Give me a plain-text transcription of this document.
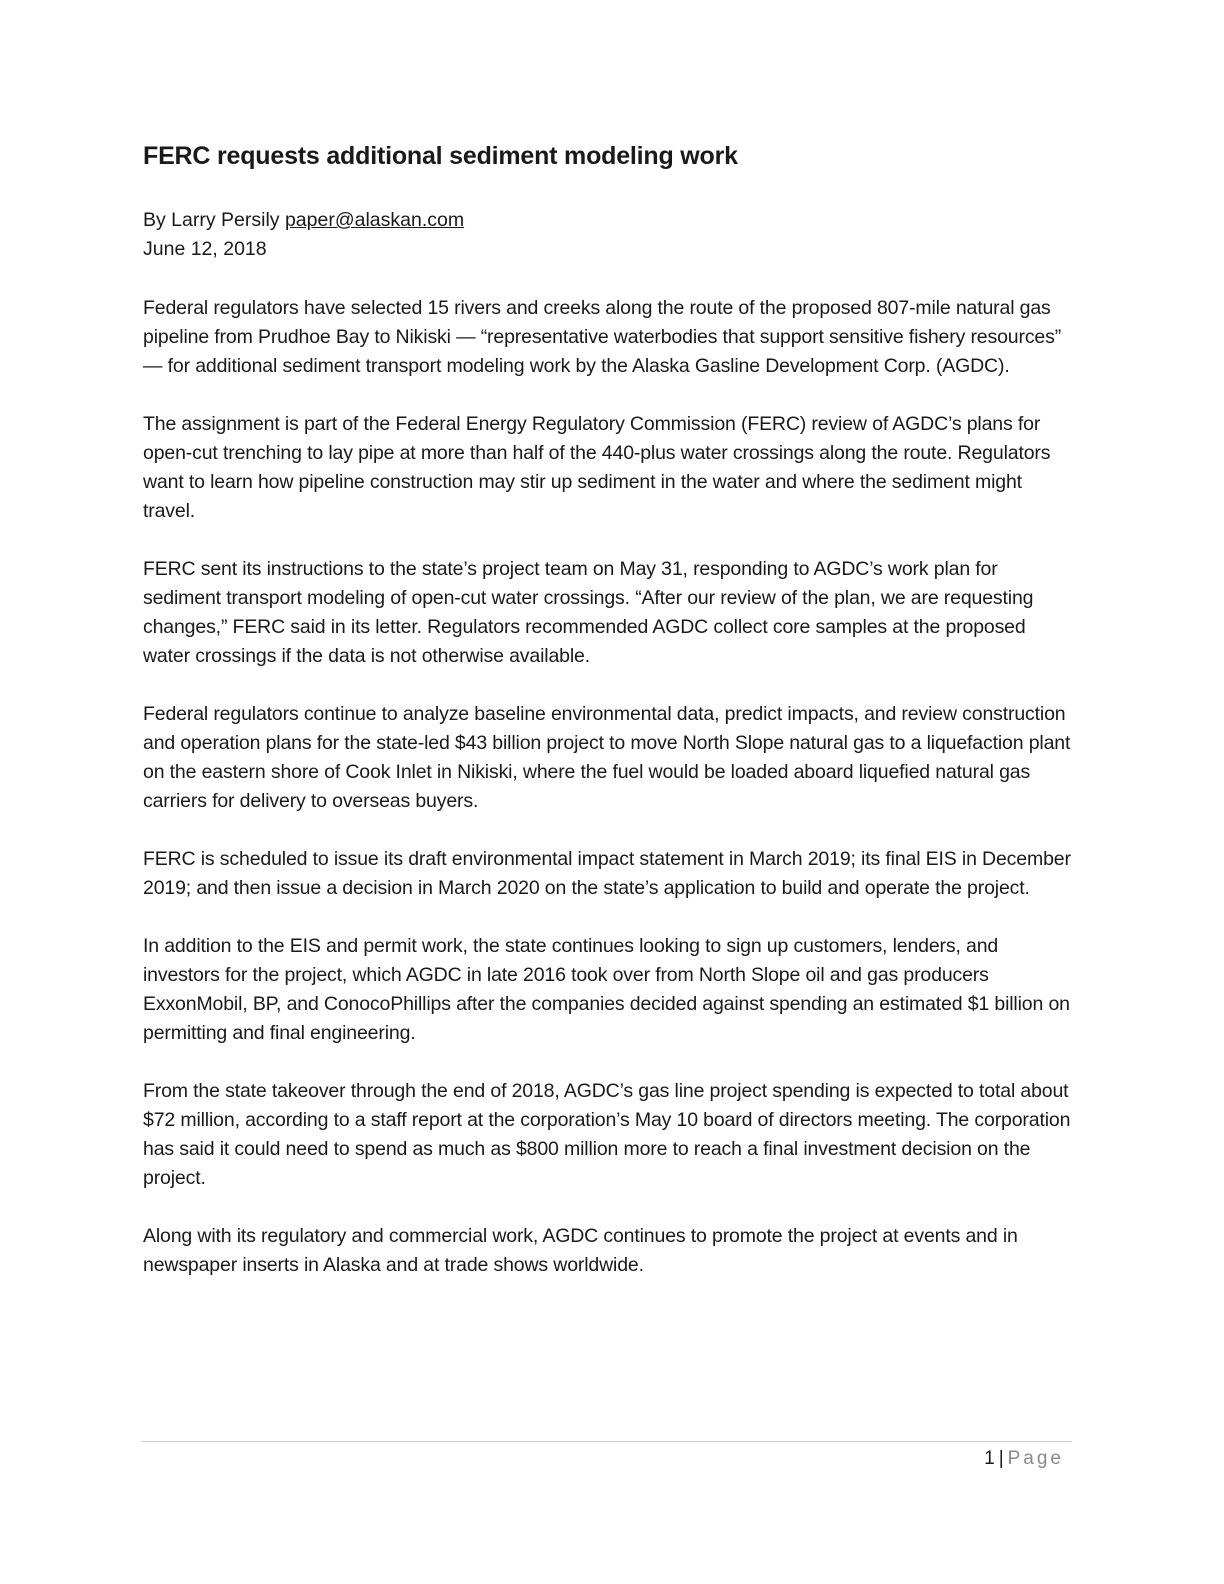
FERC requests additional sediment modeling work

By Larry Persily paper@alaskan.com

June 12, 2018

Federal regulators have selected 15 rivers and creeks along the route of the proposed 807-mile natural gas pipeline from Prudhoe Bay to Nikiski — “representative waterbodies that support sensitive fishery resources” — for additional sediment transport modeling work by the Alaska Gasline Development Corp. (AGDC).

The assignment is part of the Federal Energy Regulatory Commission (FERC) review of AGDC’s plans for open-cut trenching to lay pipe at more than half of the 440-plus water crossings along the route. Regulators want to learn how pipeline construction may stir up sediment in the water and where the sediment might travel.

FERC sent its instructions to the state’s project team on May 31, responding to AGDC’s work plan for sediment transport modeling of open-cut water crossings. “After our review of the plan, we are requesting changes,” FERC said in its letter. Regulators recommended AGDC collect core samples at the proposed water crossings if the data is not otherwise available.

Federal regulators continue to analyze baseline environmental data, predict impacts, and review construction and operation plans for the state-led $43 billion project to move North Slope natural gas to a liquefaction plant on the eastern shore of Cook Inlet in Nikiski, where the fuel would be loaded aboard liquefied natural gas carriers for delivery to overseas buyers.

FERC is scheduled to issue its draft environmental impact statement in March 2019; its final EIS in December 2019; and then issue a decision in March 2020 on the state’s application to build and operate the project.

In addition to the EIS and permit work, the state continues looking to sign up customers, lenders, and investors for the project, which AGDC in late 2016 took over from North Slope oil and gas producers ExxonMobil, BP, and ConocoPhillips after the companies decided against spending an estimated $1 billion on permitting and final engineering.

From the state takeover through the end of 2018, AGDC’s gas line project spending is expected to total about $72 million, according to a staff report at the corporation’s May 10 board of directors meeting. The corporation has said it could need to spend as much as $800 million more to reach a final investment decision on the project.

Along with its regulatory and commercial work, AGDC continues to promote the project at events and in newspaper inserts in Alaska and at trade shows worldwide.

1 | Page
